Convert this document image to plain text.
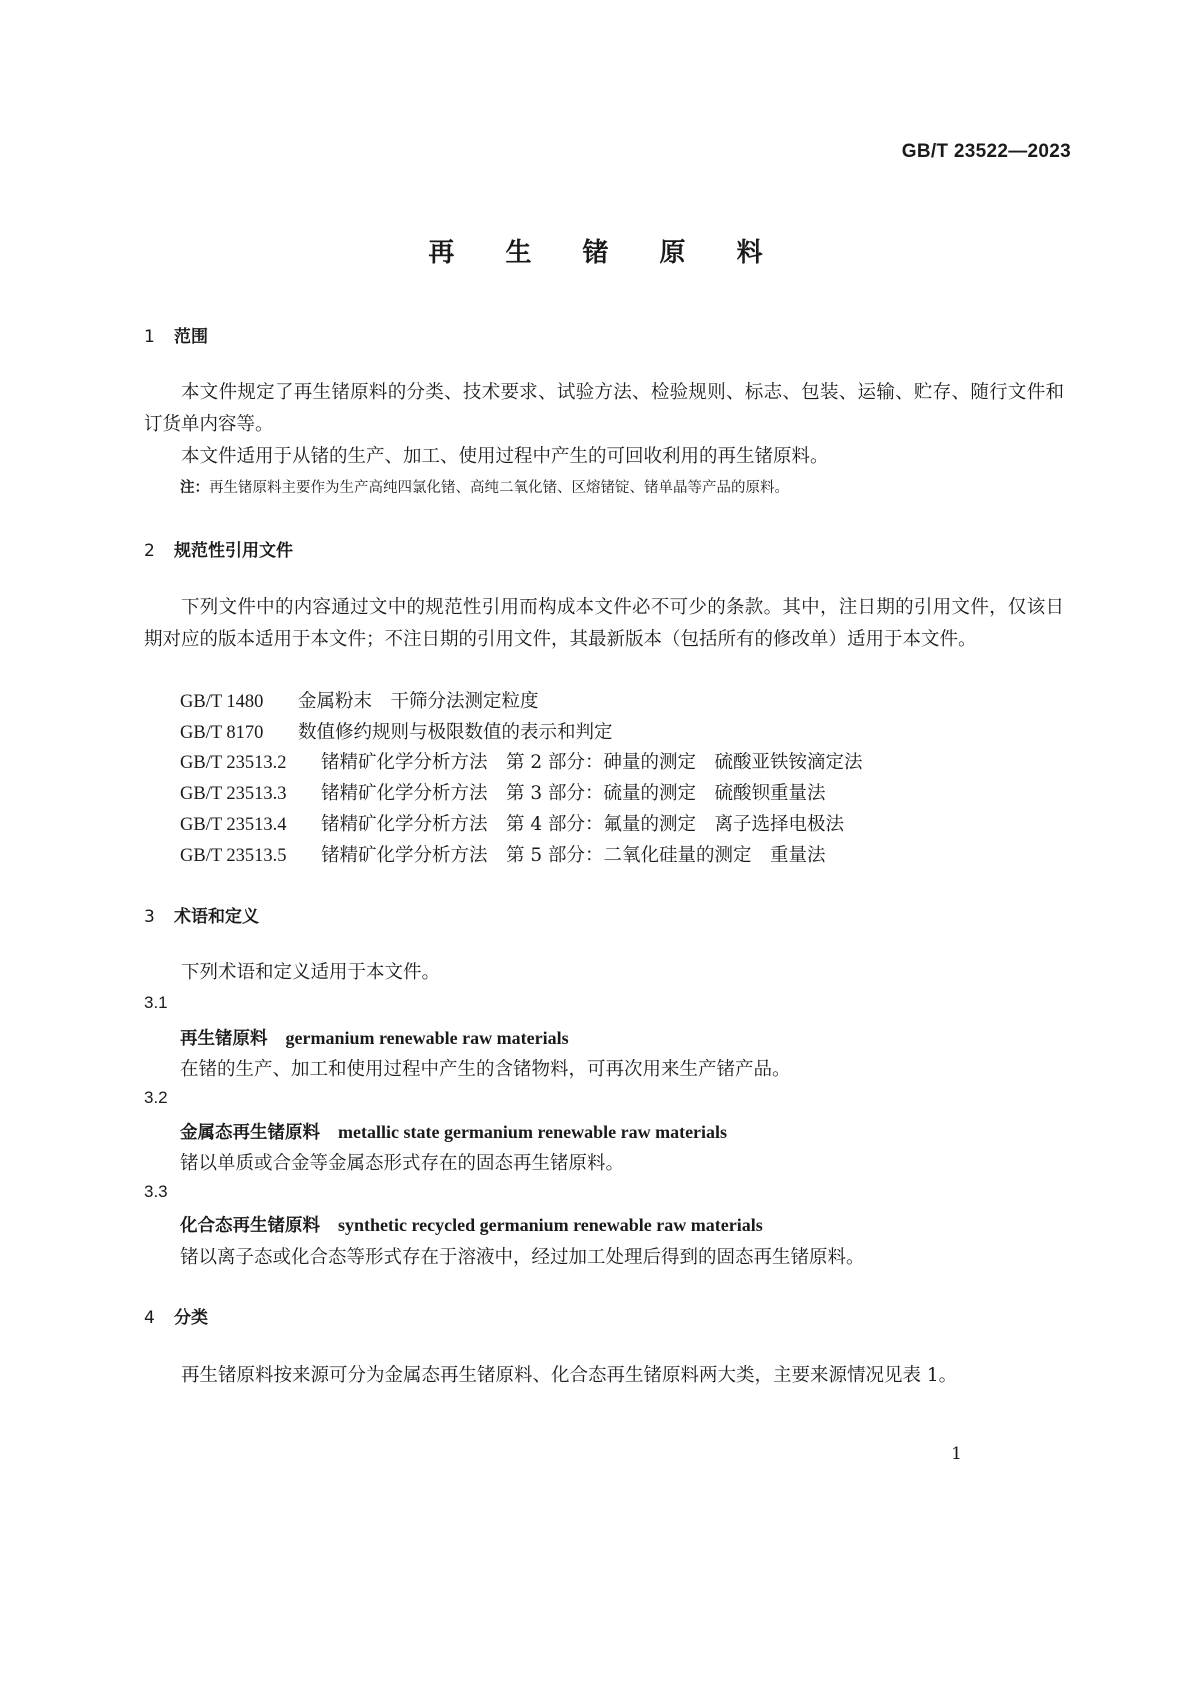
GB/T 23522—2023
再 生 锗 原 料
1 范围
本文件规定了再生锗原料的分类、技术要求、试验方法、检验规则、标志、包装、运输、贮存、随行文件和订货单内容等。
本文件适用于从锗的生产、加工、使用过程中产生的可回收利用的再生锗原料。
注：再生锗原料主要作为生产高纯四氯化锗、高纯二氧化锗、区熔锗锭、锗单晶等产品的原料。
2 规范性引用文件
下列文件中的内容通过文中的规范性引用而构成本文件必不可少的条款。其中，注日期的引用文件，仅该日期对应的版本适用于本文件；不注日期的引用文件，其最新版本（包括所有的修改单）适用于本文件。
GB/T 1480 金属粉末　干筛分法测定粒度
GB/T 8170 数值修约规则与极限数值的表示和判定
GB/T 23513.2 锗精矿化学分析方法　第 2 部分：砷量的测定　硫酸亚铁铵滴定法
GB/T 23513.3 锗精矿化学分析方法　第 3 部分：硫量的测定　硫酸钡重量法
GB/T 23513.4 锗精矿化学分析方法　第 4 部分：氟量的测定　离子选择电极法
GB/T 23513.5 锗精矿化学分析方法　第 5 部分：二氧化硅量的测定　重量法
3 术语和定义
下列术语和定义适用于本文件。
3.1
再生锗原料 germanium renewable raw materials
在锗的生产、加工和使用过程中产生的含锗物料，可再次用来生产锗产品。
3.2
金属态再生锗原料 metallic state germanium renewable raw materials
锗以单质或合金等金属态形式存在的固态再生锗原料。
3.3
化合态再生锗原料 synthetic recycled germanium renewable raw materials
锗以离子态或化合态等形式存在于溶液中，经过加工处理后得到的固态再生锗原料。
4 分类
再生锗原料按来源可分为金属态再生锗原料、化合态再生锗原料两大类，主要来源情况见表 1。
1
